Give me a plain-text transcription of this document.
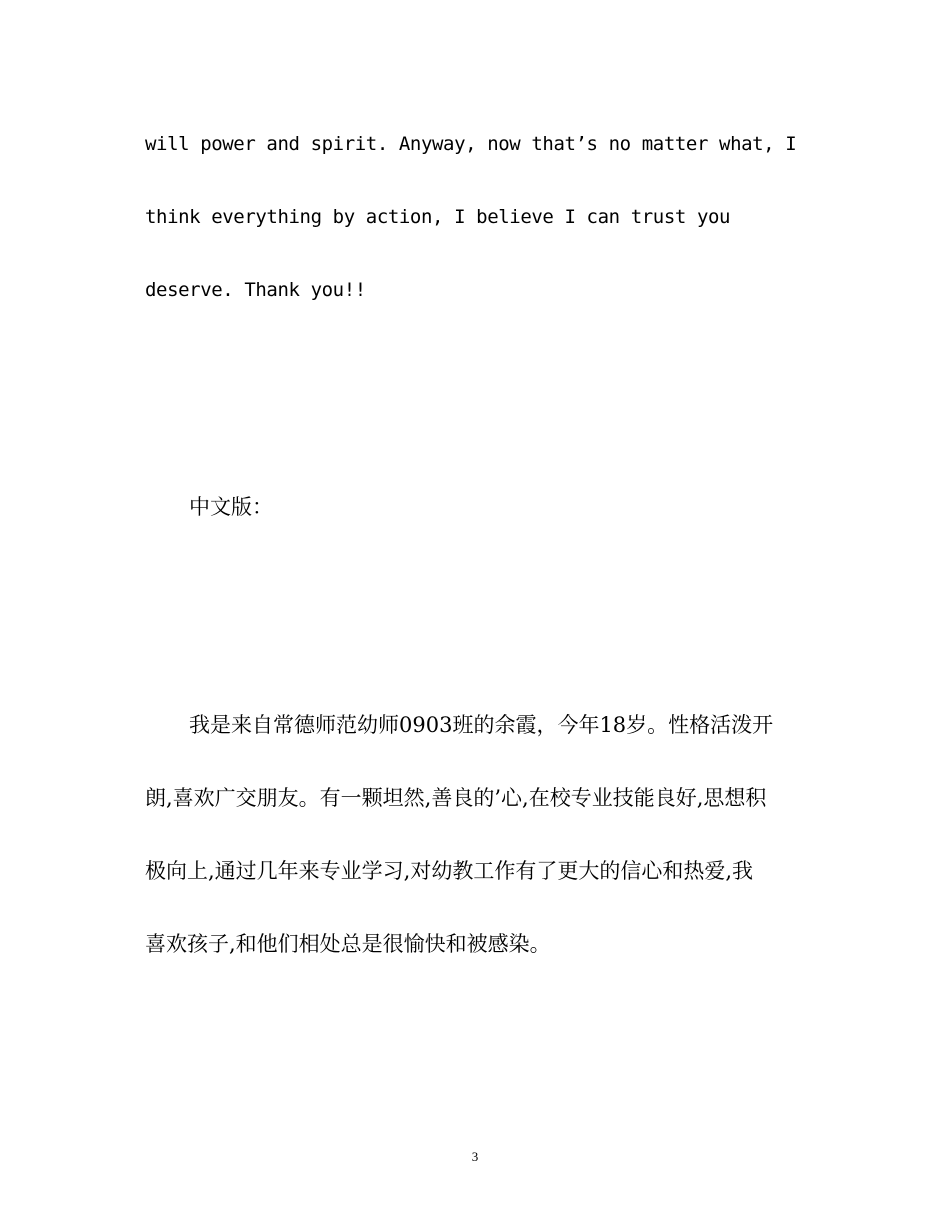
will power and spirit. Anyway, now that’s no matter what, I
think everything by action, I believe I can trust you
deserve. Thank you!!
中文版：
我是来自常德师范幼师0903班的余霞，今年18岁。性格活泼开
朗,喜欢广交朋友。有一颗坦然,善良的’心,在校专业技能良好,思想积
极向上,通过几年来专业学习,对幼教工作有了更大的信心和热爱,我
喜欢孩子,和他们相处总是很愉快和被感染。
3
